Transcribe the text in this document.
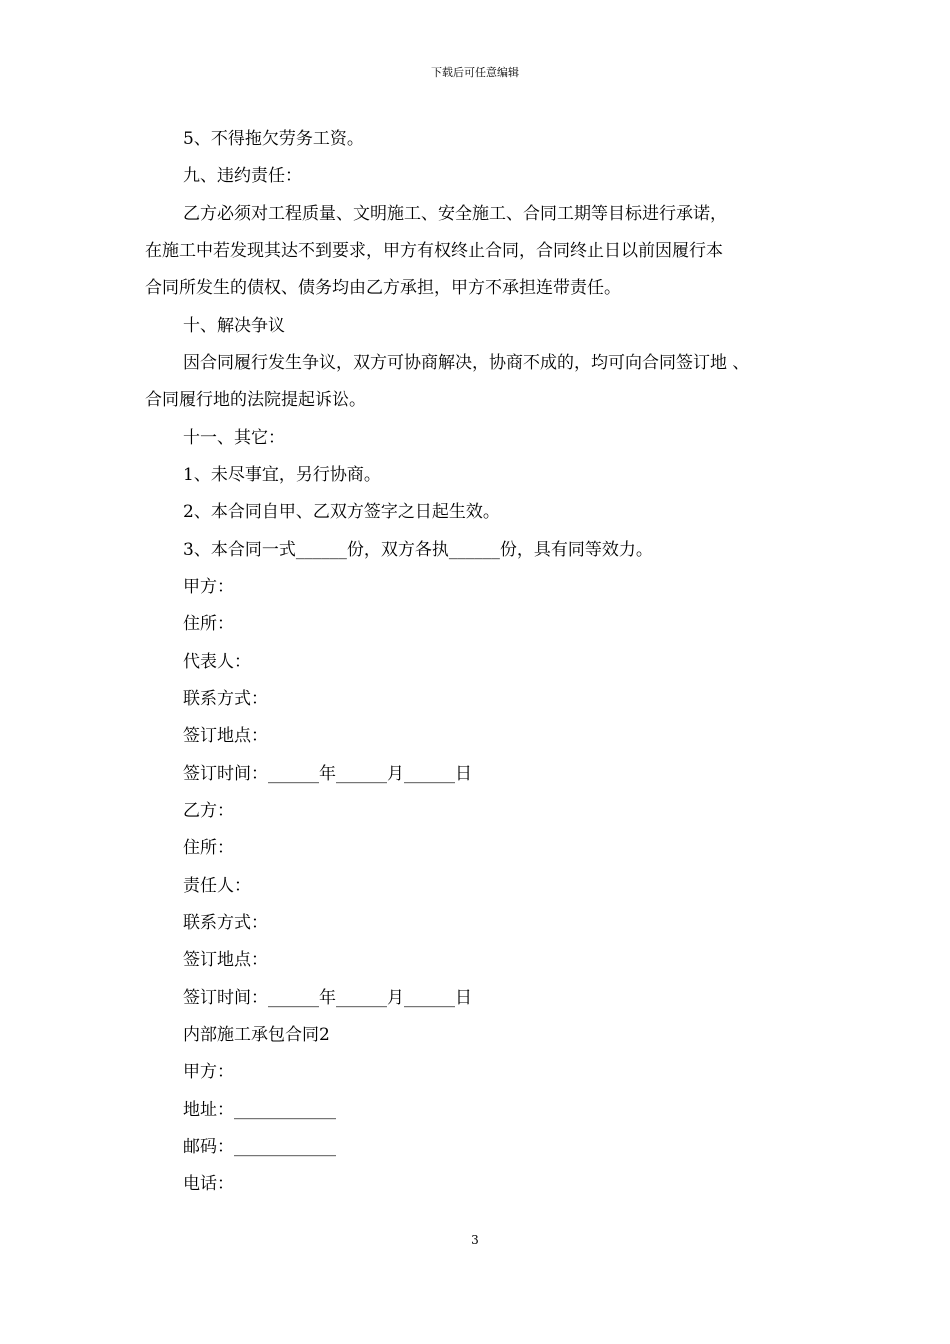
下载后可任意编辑
5、不得拖欠劳务工资。
九、违约责任：
乙方必须对工程质量、文明施工、安全施工、合同工期等目标进行承诺，
在施工中若发现其达不到要求，甲方有权终止合同，合同终止日以前因履行本
合同所发生的债权、债务均由乙方承担，甲方不承担连带责任。
十、解决争议
因合同履行发生争议，双方可协商解决，协商不成的，均可向合同签订地 、
合同履行地的法院提起诉讼。
十一、其它：
1、未尽事宜，另行协商。
2、本合同自甲、乙双方签字之日起生效。
3、本合同一式______份，双方各执______份，具有同等效力。
甲方：
住所：
代表人：
联系方式：
签订地点：
签订时间：______年______月______日
乙方：
住所：
责任人：
联系方式：
签订地点：
签订时间：______年______月______日
内部施工承包合同2
甲方：
地址：____________
邮码：____________
电话：
3
